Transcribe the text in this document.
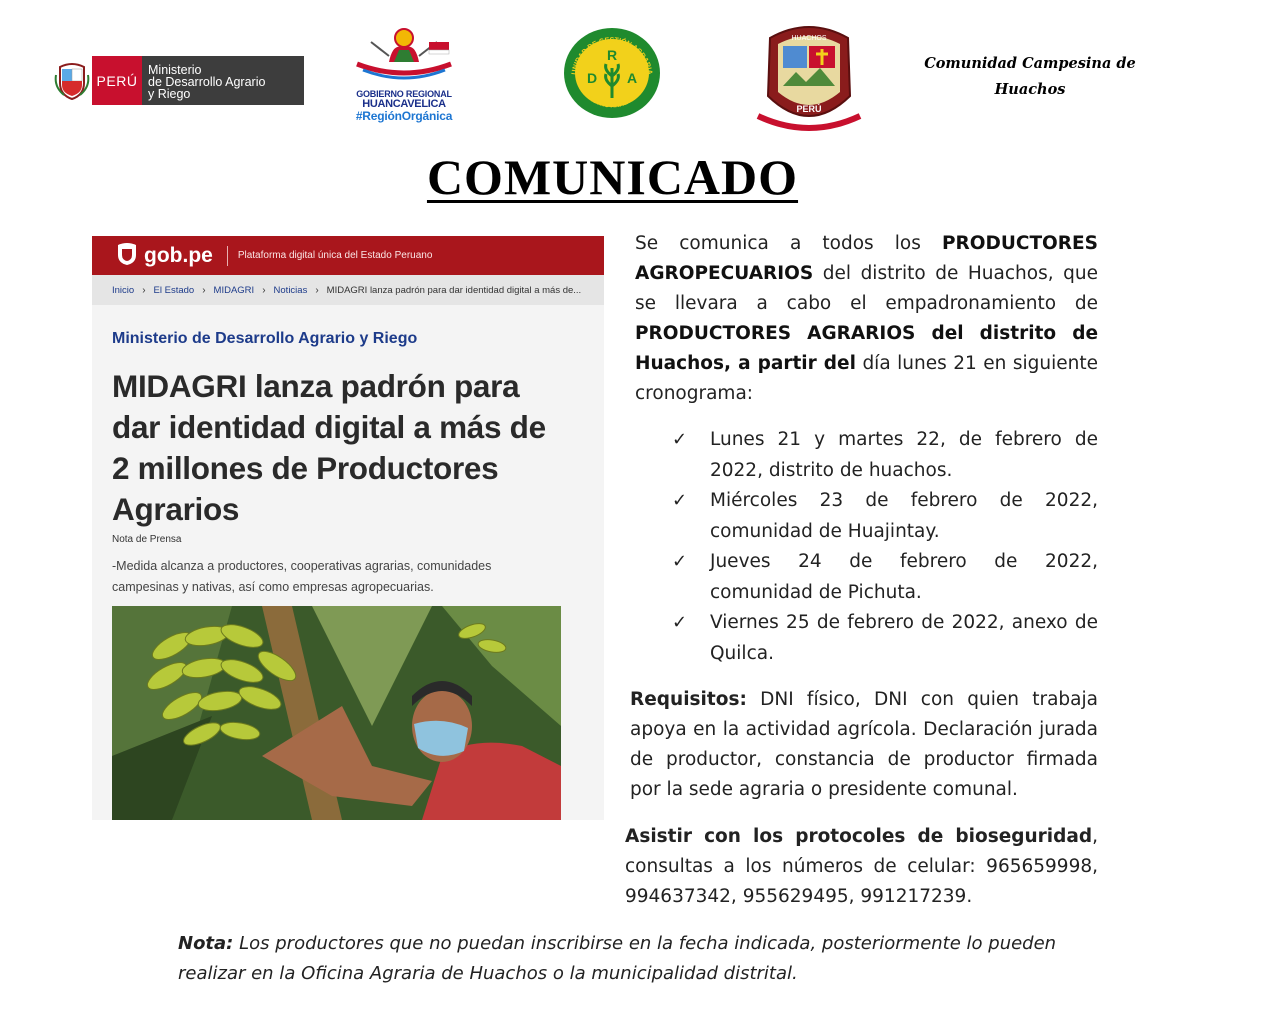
PERÚ
Ministerio
de Desarrollo Agrario
y Riego	GOBIERNO REGIONAL
HUANCAVELICA
#RegiónOrgánica
UNIDAD DE GESTIÓN AGRARIA
CASTROVIRREYNA
R
D A
HUACHOS
PERÚ
Comunidad Campesina de
Huachos
COMUNICADO
gob.pe	Plataforma digital única del Estado Peruano
Inicio › El Estado › MIDAGRI › Noticias › MIDAGRI lanza padrón para dar identidad digital a más de...
Ministerio de Desarrollo Agrario y Riego
MIDAGRI lanza padrón para
dar identidad digital a más de
2 millones de Productores
Agrarios
Nota de Prensa
-Medida alcanza a productores, cooperativas agrarias, comunidades
campesinas y nativas, así como empresas agropecuarias.
Se comunica a todos los PRODUCTORES AGROPECUARIOS del distrito de Huachos, que se llevara a cabo el empadronamiento de PRODUCTORES AGRARIOS del distrito de Huachos, a partir del día lunes 21 en siguiente cronograma:
✓ Lunes 21 y martes 22, de febrero de 2022, distrito de huachos.
✓ Miércoles 23 de febrero de 2022, comunidad de Huajintay.
✓ Jueves 24 de febrero de 2022, comunidad de Pichuta.
✓ Viernes 25 de febrero de 2022, anexo de Quilca.
Requisitos: DNI físico, DNI con quien trabaja apoya en la actividad agrícola. Declaración jurada de productor, constancia de productor firmada por la sede agraria o presidente comunal.
Asistir con los protocoles de bioseguridad, consultas a los números de celular: 965659998, 994637342, 955629495, 991217239.
Nota: Los productores que no puedan inscribirse en la fecha indicada, posteriormente lo pueden
realizar en la Oficina Agraria de Huachos o la municipalidad distrital.
